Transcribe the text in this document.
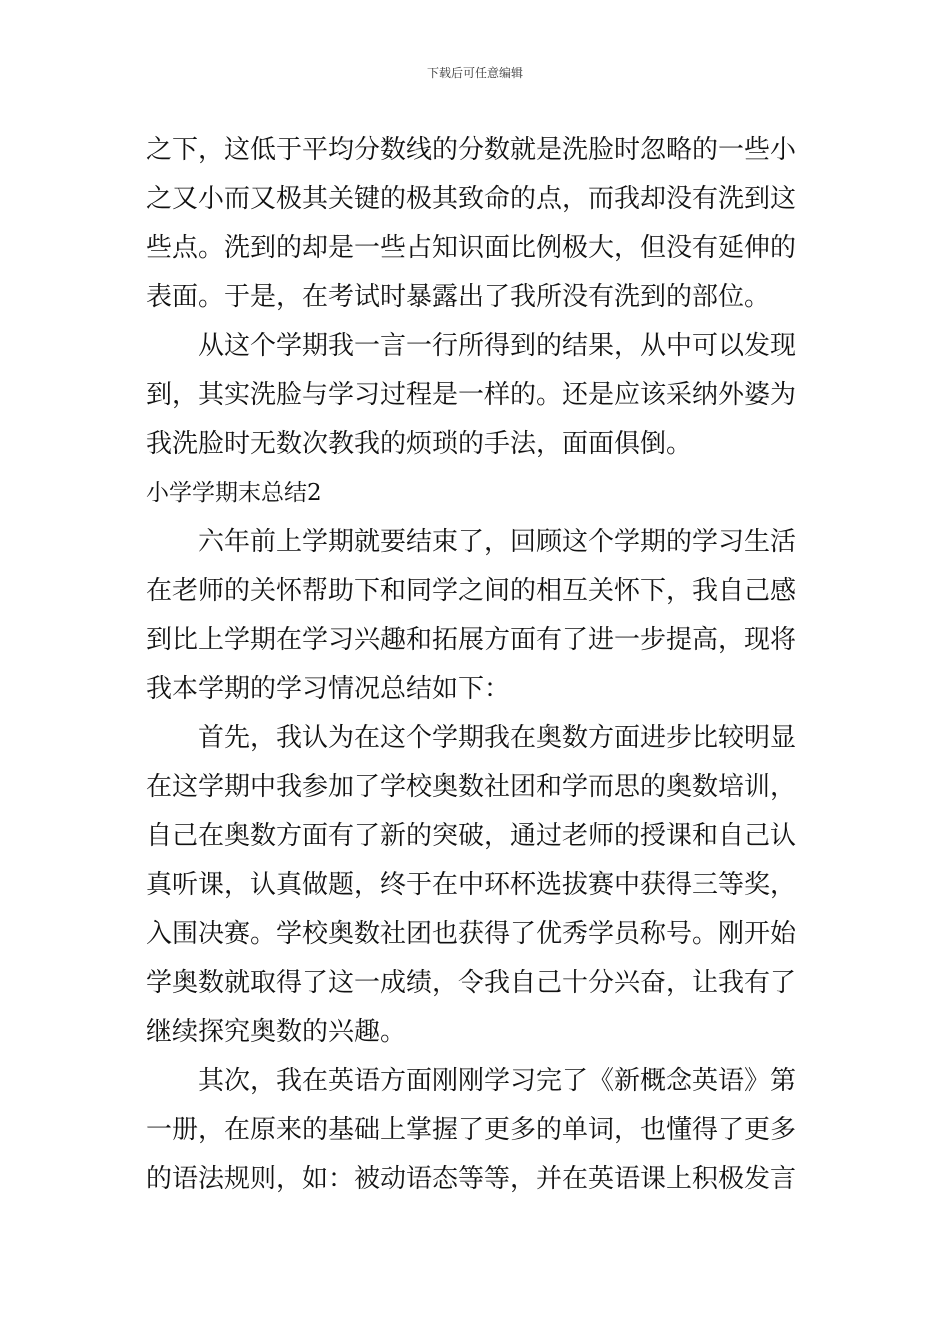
下载后可任意编辑
之下，这低于平均分数线的分数就是洗脸时忽略的一些小
之又小而又极其关键的极其致命的点，而我却没有洗到这
些点。洗到的却是一些占知识面比例极大，但没有延伸的
表面。于是，在考试时暴露出了我所没有洗到的部位。
从这个学期我一言一行所得到的结果，从中可以发现
到，其实洗脸与学习过程是一样的。还是应该采纳外婆为
我洗脸时无数次教我的烦琐的手法，面面俱倒。
小学学期末总结2
六年前上学期就要结束了，回顾这个学期的学习生活
在老师的关怀帮助下和同学之间的相互关怀下，我自己感
到比上学期在学习兴趣和拓展方面有了进一步提高，现将
我本学期的学习情况总结如下：
首先，我认为在这个学期我在奥数方面进步比较明显
在这学期中我参加了学校奥数社团和学而思的奥数培训，
自己在奥数方面有了新的突破，通过老师的授课和自己认
真听课，认真做题，终于在中环杯选拔赛中获得三等奖，
入围决赛。学校奥数社团也获得了优秀学员称号。刚开始
学奥数就取得了这一成绩，令我自己十分兴奋，让我有了
继续探究奥数的兴趣。
其次，我在英语方面刚刚学习完了《新概念英语》第
一册，在原来的基础上掌握了更多的单词，也懂得了更多
的语法规则，如：被动语态等等，并在英语课上积极发言
